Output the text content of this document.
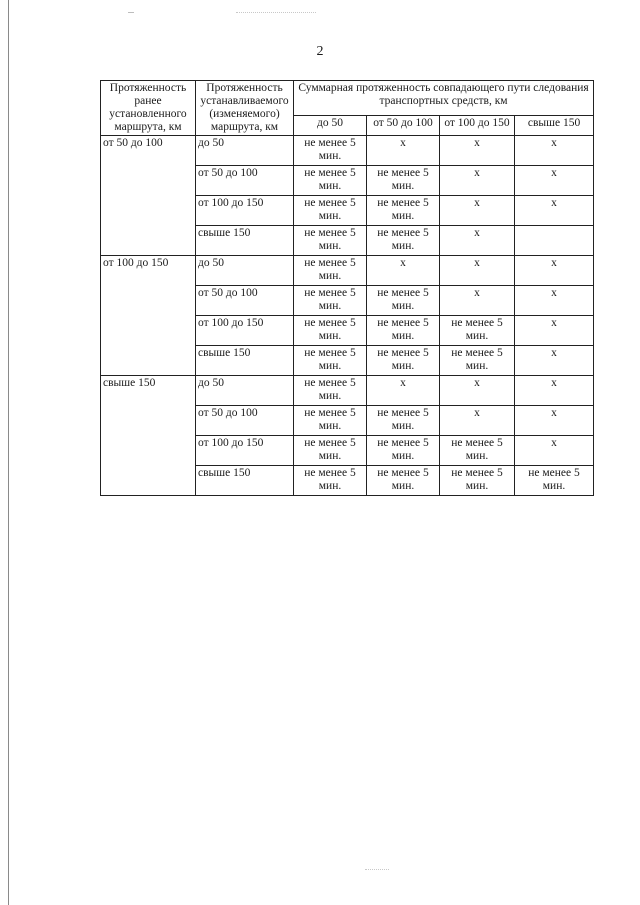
2
Протяженность ранее установленного маршрута, км	Протяженность устанавливаемого (изменяемого) маршрута, км	Суммарная протяженность совпадающего пути следования транспортных средств, км			
		до 50	от 50 до 100	от 100 до 150	свыше 150
от 50 до 100	до 50	не менее 5 мин.	х	х	х
	от 50 до 100	не менее 5 мин.	не менее 5 мин.	х	х
	от 100 до 150	не менее 5 мин.	не менее 5 мин.	х	х
	свыше 150	не менее 5 мин.	не менее 5 мин.	х	
от 100 до 150	до 50	не менее 5 мин.	х	х	х
	от 50 до 100	не менее 5 мин.	не менее 5 мин.	х	х
	от 100 до 150	не менее 5 мин.	не менее 5 мин.	не менее 5 мин.	х
	свыше 150	не менее 5 мин.	не менее 5 мин.	не менее 5 мин.	х
свыше 150	до 50	не менее 5 мин.	х	х	х
	от 50 до 100	не менее 5 мин.	не менее 5 мин.	х	х
	от 100 до 150	не менее 5 мин.	не менее 5 мин.	не менее 5 мин.	х
	свыше 150	не менее 5 мин.	не менее 5 мин.	не менее 5 мин.	не менее 5 мин.
